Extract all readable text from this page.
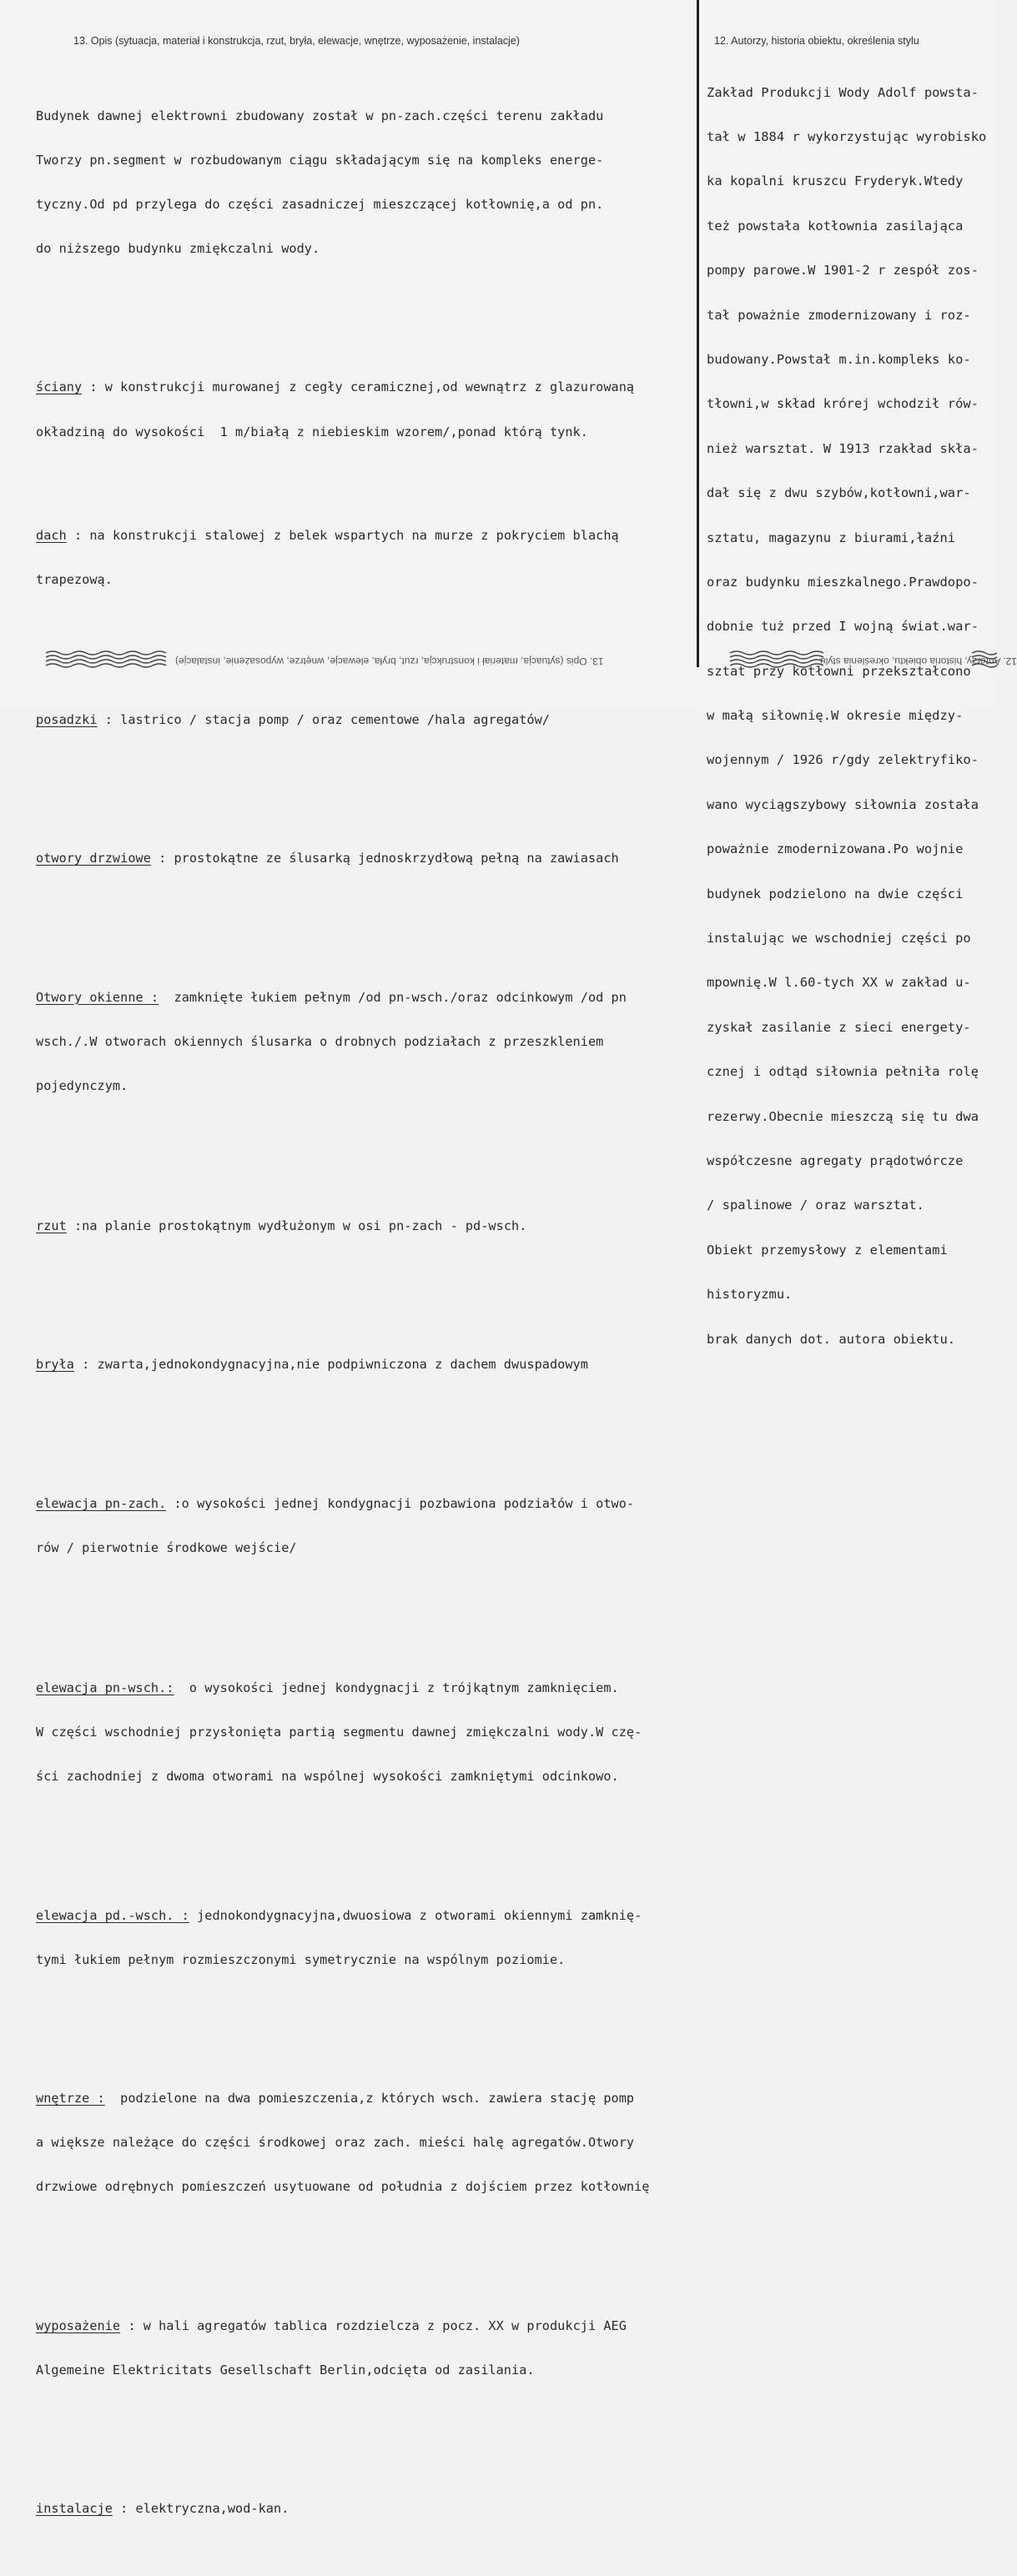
13. Opis (sytuacja, materiał i konstrukcja, rzut, bryła, elewacje, wnętrze, wyposażenie, instalacje)	12. Autorzy, historia obiektu, określenia stylu

Budynek dawnej elektrowni zbudowany został w pn-zach.części terenu zakładu

Tworzy pn.segment w rozbudowanym ciągu składającym się na kompleks energe-

tyczny.Od pd przylega do części zasadniczej mieszczącej kotłownię,a od pn.

do niższego budynku zmiękczalni wody.

ściany : w konstrukcji murowanej z cegły ceramicznej,od wewnątrz z glazurowaną

okładziną do wysokości  1 m/białą z niebieskim wzorem/,ponad którą tynk.

dach : na konstrukcji stalowej z belek wspartych na murze z pokryciem blachą

trapezową.

posadzki : lastrico / stacja pomp / oraz cementowe /hala agregatów/

otwory drzwiowe : prostokątne ze ślusarką jednoskrzydłową pełną na zawiasach

Otwory okienne :  zamknięte łukiem pełnym /od pn-wsch./oraz odcinkowym /od pn

wsch./.W otworach okiennych ślusarka o drobnych podziałach z przeszkleniem

pojedynczym.

rzut :na planie prostokątnym wydłużonym w osi pn-zach - pd-wsch.

bryła : zwarta,jednokondygnacyjna,nie podpiwniczona z dachem dwuspadowym

elewacja pn-zach. :o wysokości jednej kondygnacji pozbawiona podziałów i otwo-

rów / pierwotnie środkowe wejście/

elewacja pn-wsch.:  o wysokości jednej kondygnacji z trójkątnym zamknięciem.

W części wschodniej przysłonięta partią segmentu dawnej zmiękczalni wody.W czę-

ści zachodniej z dwoma otworami na wspólnej wysokości zamkniętymi odcinkowo.

elewacja pd.-wsch. : jednokondygnacyjna,dwuosiowa z otworami okiennymi zamknię-

tymi łukiem pełnym rozmieszczonymi symetrycznie na wspólnym poziomie.

wnętrze :  podzielone na dwa pomieszczenia,z których wsch. zawiera stację pomp

a większe należące do części środkowej oraz zach. mieści halę agregatów.Otwory

drzwiowe odrębnych pomieszczeń usytuowane od południa z dojściem przez kotłownię

wyposażenie : w hali agregatów tablica rozdzielcza z pocz. XX w produkcji AEG

Algemeine Elektricitats Gesellschaft Berlin,odcięta od zasilania.

instalacje : elektryczna,wod-kan.

Zakład Produkcji Wody Adolf powsta-

tał w 1884 r wykorzystując wyrobisko

ka kopalni kruszcu Fryderyk.Wtedy

też powstała kotłownia zasilająca

pompy parowe.W 1901-2 r zespół zos-

tał poważnie zmodernizowany i roz-

budowany.Powstał m.in.kompleks ko-

tłowni,w skład krórej wchodził rów-

nież warsztat. W 1913 rzakład skła-

dał się z dwu szybów,kotłowni,war-

sztatu, magazynu z biurami,łaźni

oraz budynku mieszkalnego.Prawdopo-

dobnie tuż przed I wojną świat.war-

sztat przy kotłowni przekształcono

w małą siłownię.W okresie między-

wojennym / 1926 r/gdy zelektryfiko-

wano wyciągszybowy siłownia została

poważnie zmodernizowana.Po wojnie

budynek podzielono na dwie części

instalując we wschodniej części po

mpownię.W l.60-tych XX w zakład u-

zyskał zasilanie z sieci energety-

cznej i odtąd siłownia pełniła rolę

rezerwy.Obecnie mieszczą się tu dwa

współczesne agregaty prądotwórcze

/ spalinowe / oraz warsztat.

Obiekt przemysłowy z elementami

historyzmu.

brak danych dot. autora obiektu.

13. Opis (sytuacja, materiał i konstrukcja, rzut, bryła, elewacje, wnętrze, wyposażenie, instalacje)	12. Autorzy, historia obiektu, określenia stylu
